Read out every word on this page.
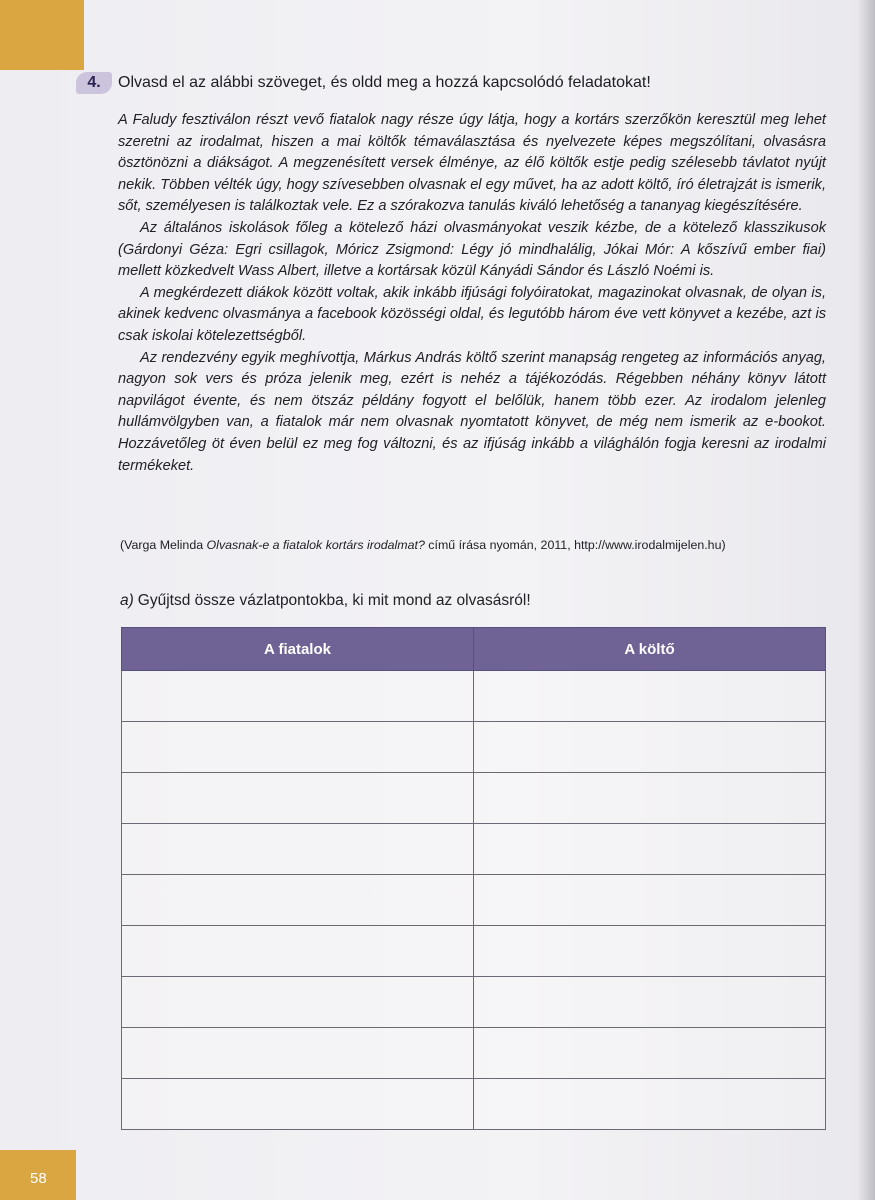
4.	Olvasd el az alábbi szöveget, és oldd meg a hozzá kapcsolódó feladatokat!

A Faludy fesztiválon részt vevő fiatalok nagy része úgy látja, hogy a kortárs szerzőkön keresztül meg lehet szeretni az irodalmat, hiszen a mai költők témaválasztása és nyelvezete képes megszólítani, olvasásra ösztönözni a diákságot. A megzenésített versek élménye, az élő költők estje pedig szélesebb távlatot nyújt nekik. Többen vélték úgy, hogy szívesebben olvasnak el egy művet, ha az adott költő, író életrajzát is ismerik, sőt, személyesen is találkoztak vele. Ez a szórakozva tanulás kiváló lehetőség a tananyag kiegészítésére.

Az általános iskolások főleg a kötelező házi olvasmányokat veszik kézbe, de a kötelező klasszikusok (Gárdonyi Géza: Egri csillagok, Móricz Zsigmond: Légy jó mindhalálig, Jókai Mór: A kőszívű ember fiai) mellett közkedvelt Wass Albert, illetve a kortársak közül Kányádi Sándor és László Noémi is.

A megkérdezett diákok között voltak, akik inkább ifjúsági folyóiratokat, magazinokat olvasnak, de olyan is, akinek kedvenc olvasmánya a facebook közösségi oldal, és legutóbb három éve vett könyvet a kezébe, azt is csak iskolai kötelezettségből.

Az rendezvény egyik meghívottja, Márkus András költő szerint manapság rengeteg az információs anyag, nagyon sok vers és próza jelenik meg, ezért is nehéz a tájékozódás. Régebben néhány könyv látott napvilágot évente, és nem ötszáz példány fogyott el belőlük, hanem több ezer. Az irodalom jelenleg hullámvölgyben van, a fiatalok már nem olvasnak nyomtatott könyvet, de még nem ismerik az e-bookot. Hozzávetőleg öt éven belül ez meg fog változni, és az ifjúság inkább a világhálón fogja keresni az irodalmi termékeket.

(Varga Melinda Olvasnak-e a fiatalok kortárs irodalmat? című írása nyomán, 2011, http://www.irodalmijelen.hu)
a) Gyűjtsd össze vázlatpontokba, ki mit mond az olvasásról!
A fiatalok	A költő

58
